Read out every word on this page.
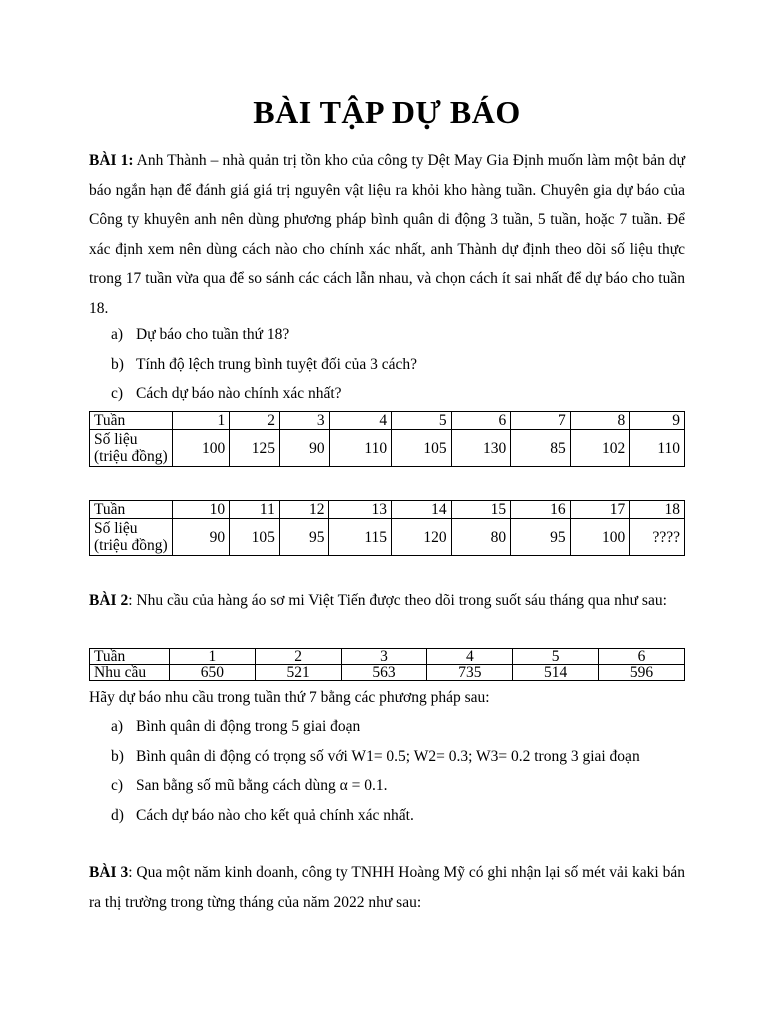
BÀI TẬP DỰ BÁO

BÀI 1: Anh Thành – nhà quản trị tồn kho của công ty Dệt May Gia Định muốn làm một bản dự báo ngắn hạn để đánh giá giá trị nguyên vật liệu ra khỏi kho hàng tuần. Chuyên gia dự báo của Công ty khuyên anh nên dùng phương pháp bình quân di động 3 tuần, 5 tuần, hoặc 7 tuần. Để xác định xem nên dùng cách nào cho chính xác nhất, anh Thành dự định theo dõi số liệu thực trong 17 tuần vừa qua để so sánh các cách lẫn nhau, và chọn cách ít sai nhất để dự báo cho tuần 18.

a) Dự báo cho tuần thứ 18?
b) Tính độ lệch trung bình tuyệt đối của 3 cách?
c) Cách dự báo nào chính xác nhất?
Tuần	1	2	3	4	5	6	7	8	9

Số liệu
(triệu đồng)	100	125	90	110	105	130	85	102	110
Tuần	10	11	12	13	14	15	16	17	18

Số liệu
(triệu đồng)	90	105	95	115	120	80	95	100	????

BÀI 2: Nhu cầu của hàng áo sơ mi Việt Tiến được theo dõi trong suốt sáu tháng qua như sau:

Tuần	1	2	3	4	5	6
Nhu cầu	650	521	563	735	514	596
Hãy dự báo nhu cầu trong tuần thứ 7 bằng các phương pháp sau:
a) Bình quân di động trong 5 giai đoạn
b) Bình quân di động có trọng số với W1= 0.5; W2= 0.3; W3= 0.2 trong 3 giai đoạn
c) San bằng số mũ bằng cách dùng α = 0.1.
d) Cách dự báo nào cho kết quả chính xác nhất.

BÀI 3: Qua một năm kinh doanh, công ty TNHH Hoàng Mỹ có ghi nhận lại số mét vải kaki bán ra thị trường trong từng tháng của năm 2022 như sau:
